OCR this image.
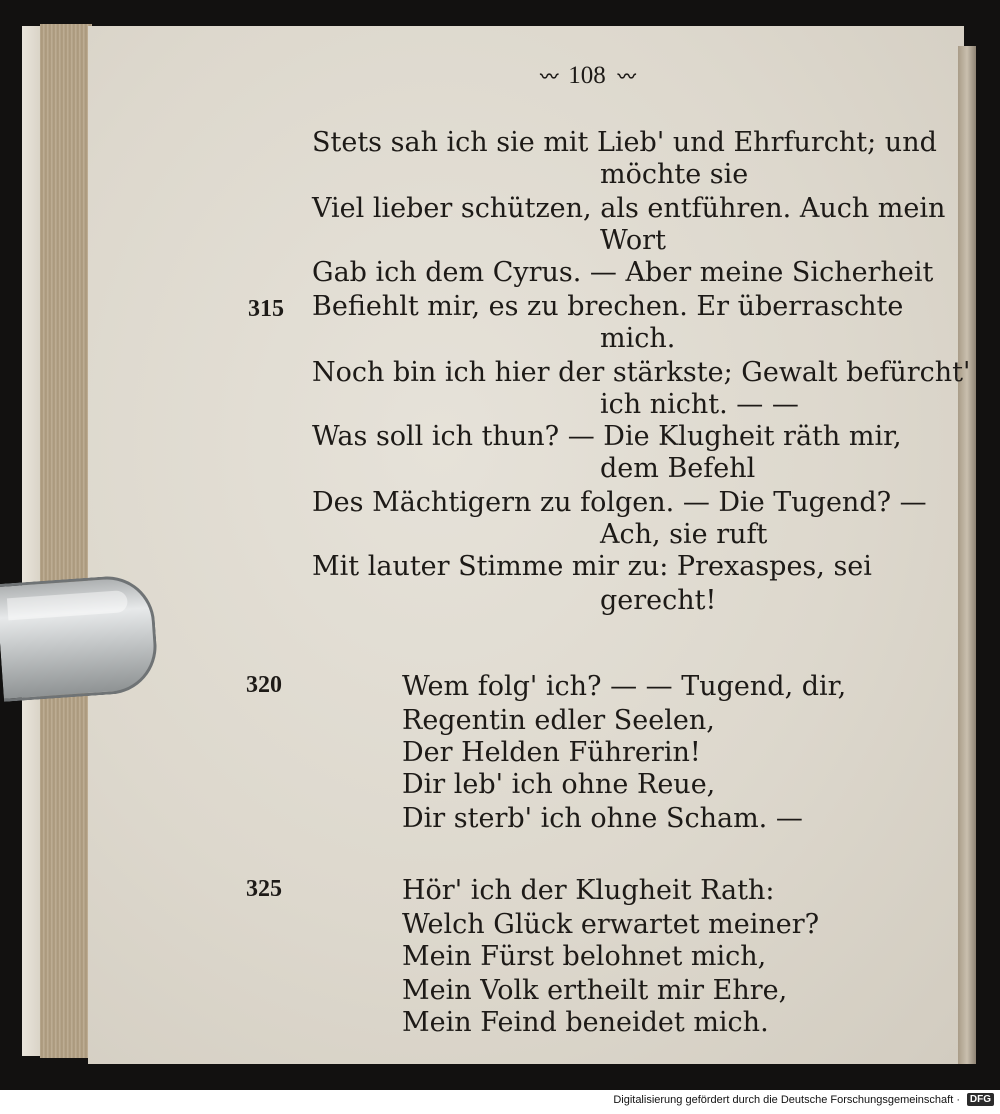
〰 108 〰
Stets sah ich sie mit Lieb' und Ehrfurcht; und
möchte sie
Viel lieber schützen, als entführen. Auch mein
Wort
Gab ich dem Cyrus. — Aber meine Sicherheit
315 Befiehlt mir, es zu brechen. Er überraschte
mich.
Noch bin ich hier der stärkste; Gewalt befürcht'
ich nicht. — —
Was soll ich thun? — Die Klugheit räth mir,
dem Befehl
Des Mächtigern zu folgen. — Die Tugend? —
Ach, sie ruft
Mit lauter Stimme mir zu: Prexaspes, sei
gerecht!
320	Wem folg' ich? — — Tugend, dir,
Regentin edler Seelen,
Der Helden Führerin!
Dir leb' ich ohne Reue,
Dir sterb' ich ohne Scham. —
325	Hör' ich der Klugheit Rath:
Welch Glück erwartet meiner?
Mein Fürst belohnet mich,
Mein Volk ertheilt mir Ehre,
Mein Feind beneidet mich.
Digitalisierung gefördert durch die Deutsche Forschungsgemeinschaft · DFG
